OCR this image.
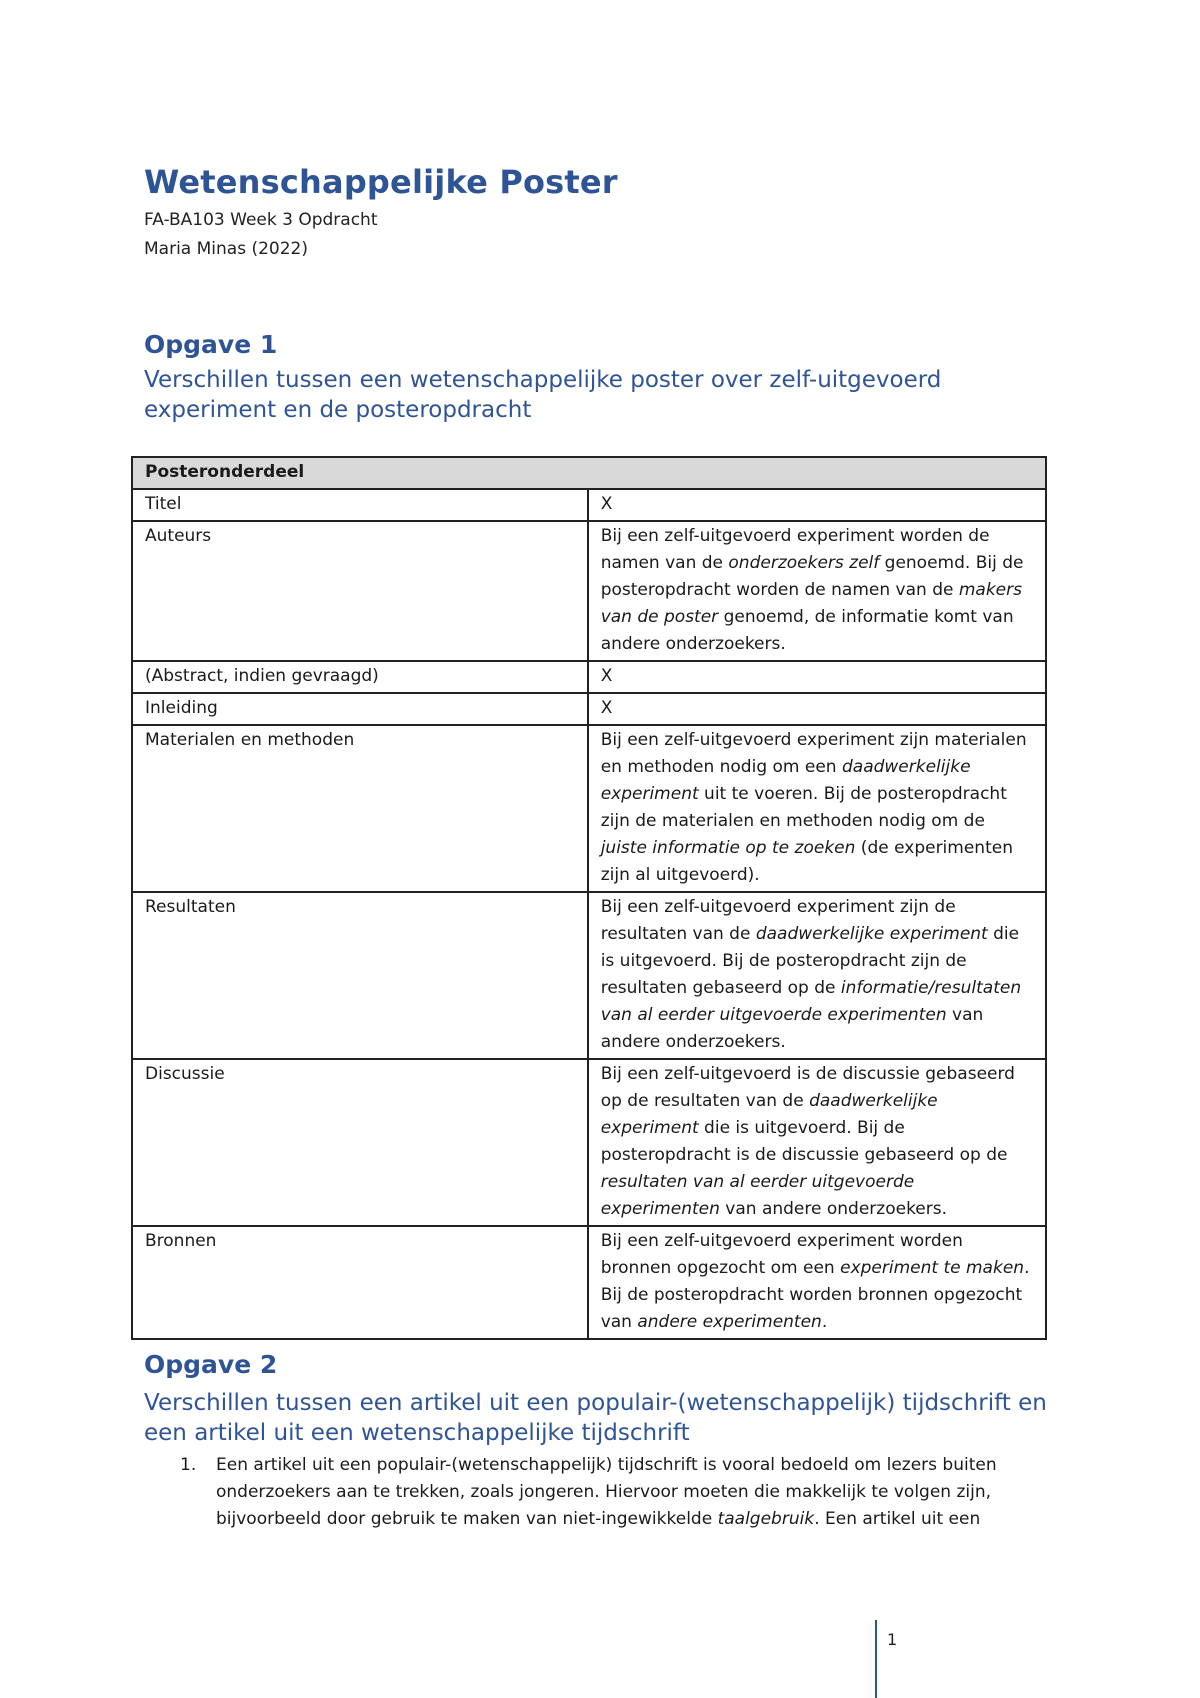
Wetenschappelijke Poster

FA-BA103 Week 3 Opdracht

Maria Minas (2022)

Opgave 1
Verschillen tussen een wetenschappelijke poster over zelf-uitgevoerd experiment en de posteropdracht
Posteronderdeel	
Titel	X
Auteurs	Bij een zelf-uitgevoerd experiment worden de namen van de onderzoekers zelf genoemd. Bij de posteropdracht worden de namen van de makers van de poster genoemd, de informatie komt van andere onderzoekers.
(Abstract, indien gevraagd)	X
Inleiding	X
Materialen en methoden	Bij een zelf-uitgevoerd experiment zijn materialen en methoden nodig om een daadwerkelijke experiment uit te voeren. Bij de posteropdracht zijn de materialen en methoden nodig om de juiste informatie op te zoeken (de experimenten zijn al uitgevoerd).
Resultaten	Bij een zelf-uitgevoerd experiment zijn de resultaten van de daadwerkelijke experiment die is uitgevoerd. Bij de posteropdracht zijn de resultaten gebaseerd op de informatie/resultaten van al eerder uitgevoerde experimenten van andere onderzoekers.
Discussie	Bij een zelf-uitgevoerd is de discussie gebaseerd op de resultaten van de daadwerkelijke experiment die is uitgevoerd. Bij de posteropdracht is de discussie gebaseerd op de resultaten van al eerder uitgevoerde experimenten van andere onderzoekers.
Bronnen	Bij een zelf-uitgevoerd experiment worden bronnen opgezocht om een experiment te maken. Bij de posteropdracht worden bronnen opgezocht van andere experimenten.
Opgave 2
Verschillen tussen een artikel uit een populair-(wetenschappelijk) tijdschrift en een artikel uit een wetenschappelijke tijdschrift
1. Een artikel uit een populair-(wetenschappelijk) tijdschrift is vooral bedoeld om lezers buiten onderzoekers aan te trekken, zoals jongeren. Hiervoor moeten die makkelijk te volgen zijn, bijvoorbeeld door gebruik te maken van niet-ingewikkelde taalgebruik. Een artikel uit een
1
